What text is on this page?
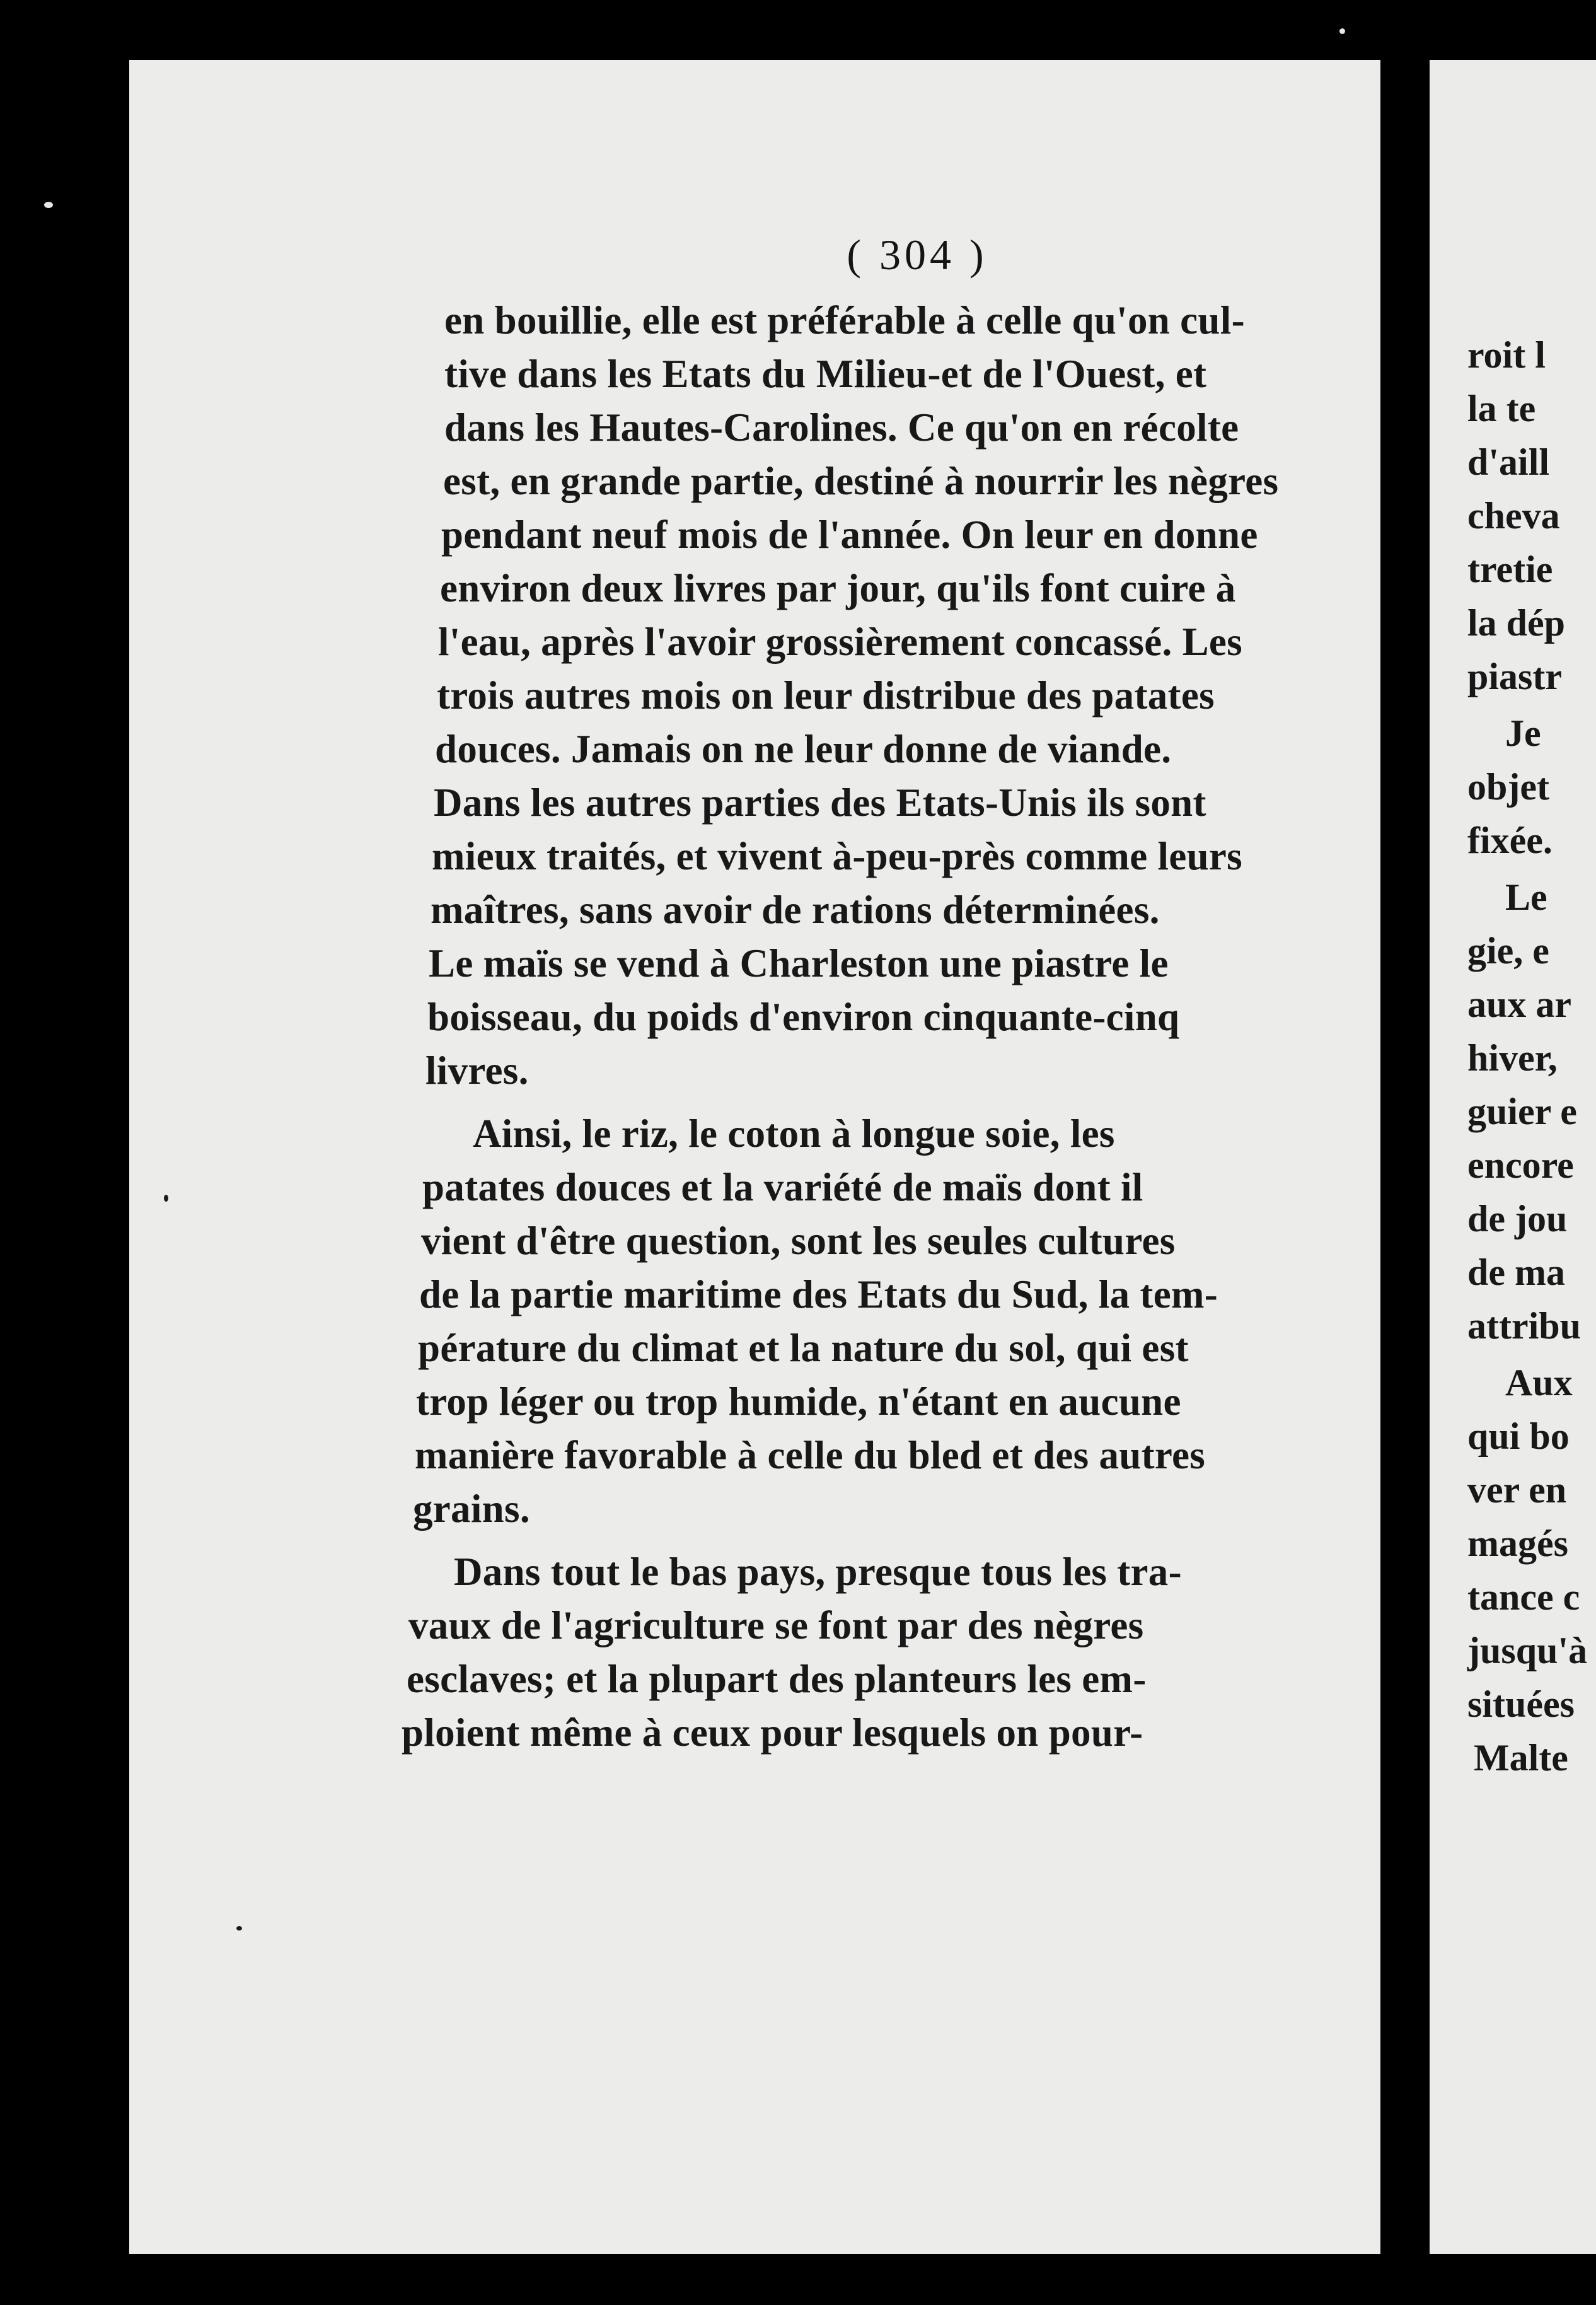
( 304 )
en bouillie, elle est préférable à celle qu'on cul-
tive dans les Etats du Milieu-et de l'Ouest, et
dans les Hautes-Carolines. Ce qu'on en récolte
est, en grande partie, destiné à nourrir les nègres
pendant neuf mois de l'année. On leur en donne
environ deux livres par jour, qu'ils font cuire à
l'eau, après l'avoir grossièrement concassé. Les
trois autres mois on leur distribue des patates
douces. Jamais on ne leur donne de viande.
Dans les autres parties des Etats-Unis ils sont
mieux traités, et vivent à-peu-près comme leurs
maîtres, sans avoir de rations déterminées.
Le maïs se vend à Charleston une piastre le
boisseau, du poids d'environ cinquante-cinq
livres.
Ainsi, le riz, le coton à longue soie, les
patates douces et la variété de maïs dont il
vient d'être question, sont les seules cultures
de la partie maritime des Etats du Sud, la tem-
pérature du climat et la nature du sol, qui est
trop léger ou trop humide, n'étant en aucune
manière favorable à celle du bled et des autres
grains.
Dans tout le bas pays, presque tous les tra-
vaux de l'agriculture se font par des nègres
esclaves; et la plupart des planteurs les em-
ploient même à ceux pour lesquels on pour-
roit l
la te
d'aill
cheva
tretie
la dép
piastr
Je
objet
fixée.
Le
gie, e
aux ar
hiver,
guier e
encore
de jou
de ma
attribu
Aux
qui bo
ver en
magés
tance c
jusqu'à
situées
Malte
